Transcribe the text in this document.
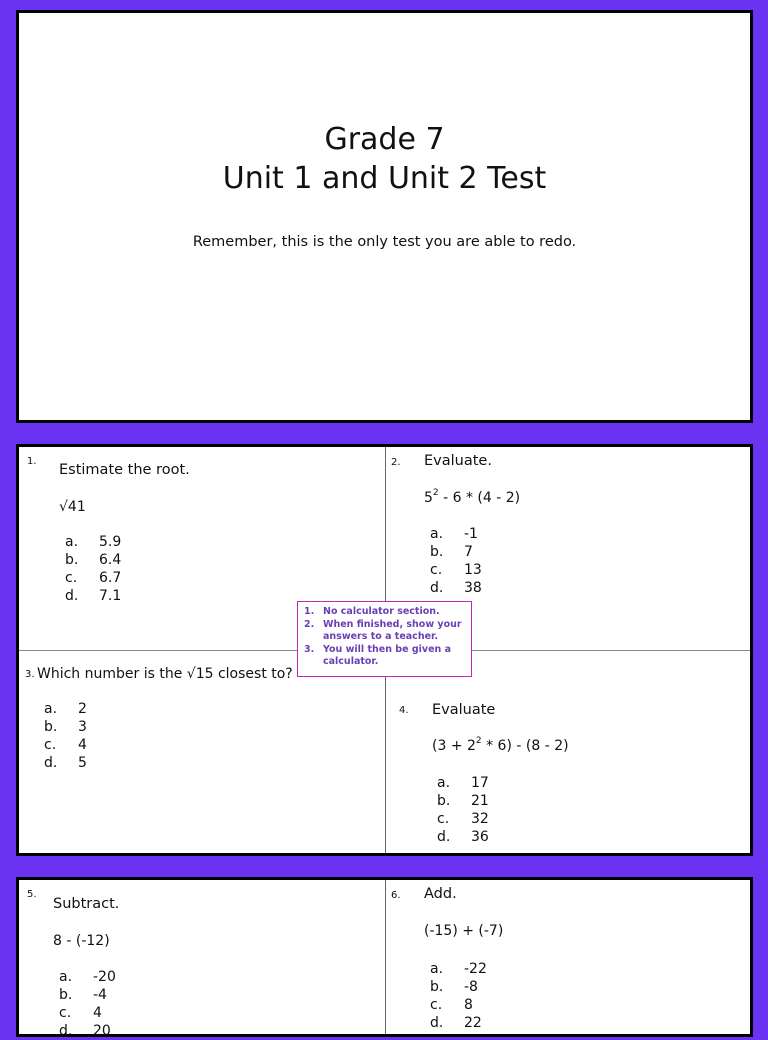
Grade 7
Unit 1 and Unit 2 Test
Remember, this is the only test you are able to redo.
1.
Estimate the root.
√41
a.	5.9
b.	6.4
c.	6.7
d.	7.1
2. Evaluate.
$5^2 - 6 * (4 - 2)$
a.	-1
b.	7
c.	13
d.	38
3. Which number is the √15 closest to?
a.	2
b.	3
c.	4
d.	5
4. Evaluate
$(3 + 2^2 * 6) - (8 - 2)$
a.	17
b.	21
c.	32
d.	36
1. No calculator section.
2. When finished, show your answers to a teacher.
3. You will then be given a calculator.
5.
Subtract.
8 - (-12)
a.	-20
b.	-4
c.	4
d.	20
6. Add.
(-15) + (-7)
a.	-22
b.	-8
c.	8
d.	22
